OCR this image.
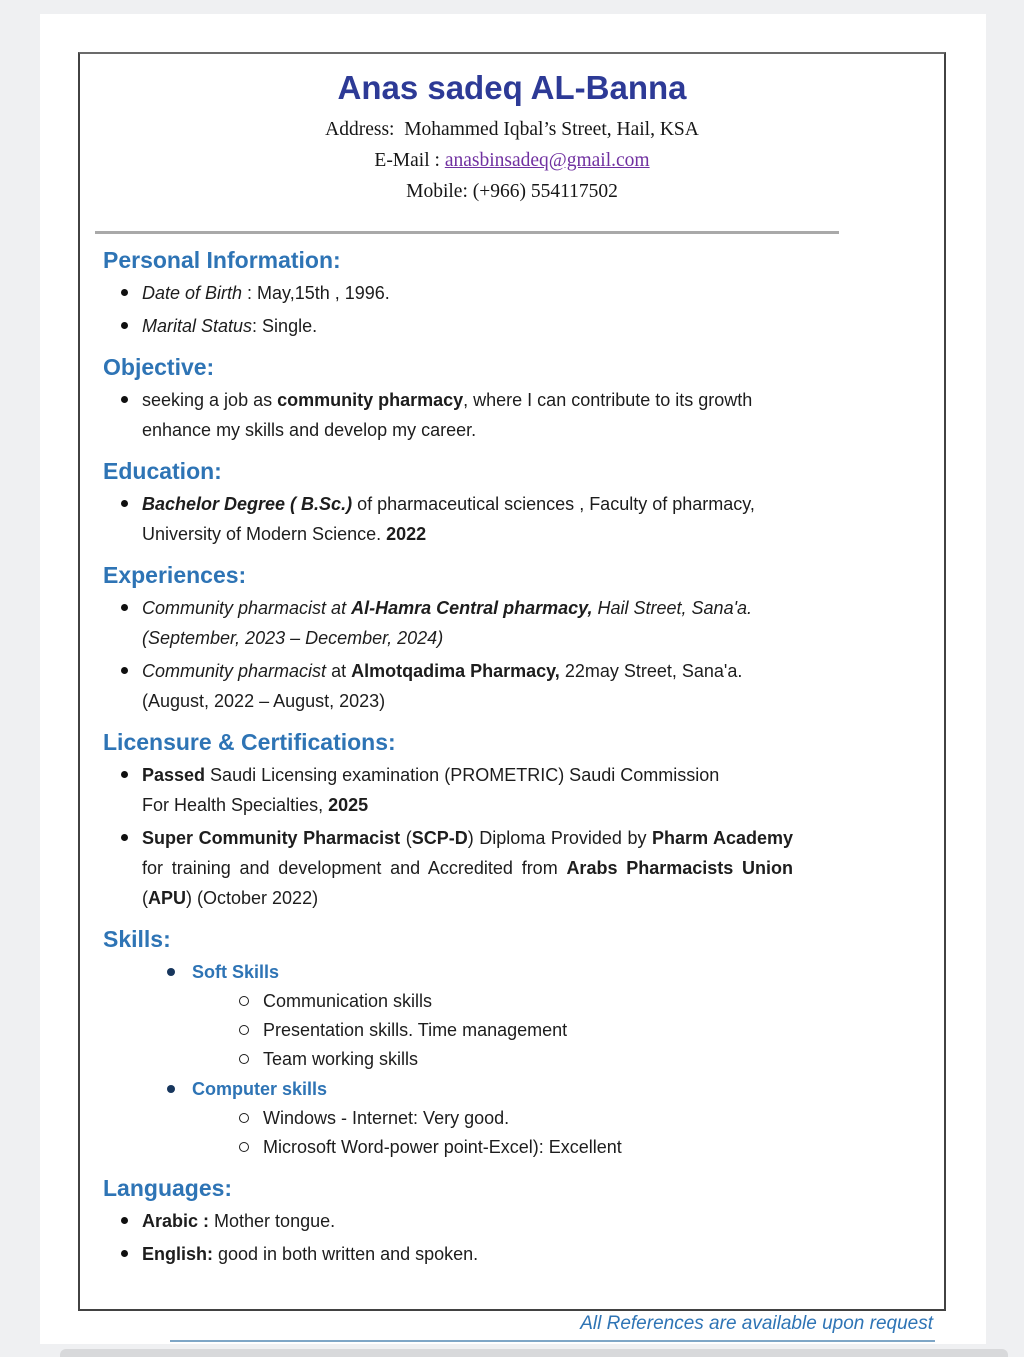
Anas sadeq AL-Banna

Address: Mohammed Iqbal’s Street, Hail, KSA

E-Mail : anasbinsadeq@gmail.com

Mobile: (+966) 554117502

Personal Information:
Date of Birth : May,15th , 1996.
Marital Status: Single.
Objective:
seeking a job as community pharmacy, where I can contribute to its growth
enhance my skills and develop my career.
Education:
Bachelor Degree ( B.Sc.) of pharmaceutical sciences , Faculty of pharmacy,
University of Modern Science. 2022
Experiences:
Community pharmacist at Al-Hamra Central pharmacy, Hail Street, Sana'a.
(September, 2023 – December, 2024)
Community pharmacist at Almotqadima Pharmacy, 22may Street, Sana'a.
(August, 2022 – August, 2023)
Licensure & Certifications:
Passed Saudi Licensing examination (PROMETRIC) Saudi Commission
For Health Specialties, 2025
Super Community Pharmacist (SCP-D) Diploma Provided by Pharm Academy for training and development and Accredited from Arabs Pharmacists Union (APU) (October 2022)
Skills:
Soft Skills
Communication skills
Presentation skills. Time management
Team working skills
Computer skills
Windows - Internet: Very good.
Microsoft Word-power point-Excel): Excellent
Languages:
Arabic : Mother tongue.
English: good in both written and spoken.
All References are available upon request
